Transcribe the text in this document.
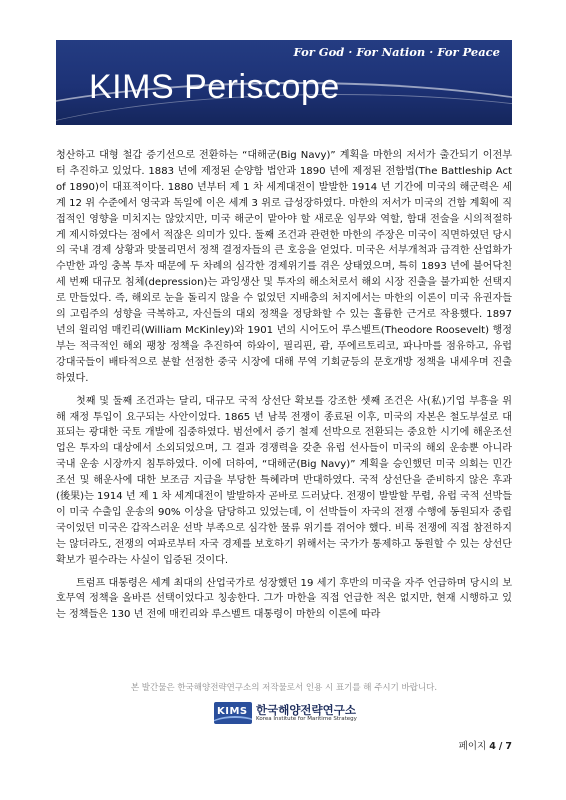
For God · For Nation · For Peace
KIMS Periscope

청산하고 대형 철갑 증기선으로 전환하는 “대해군(Big Navy)” 계획을 마한의 저서가 출간되기 이전부터 추진하고 있었다. 1883 년에 제정된 순양함 법안과 1890 년에 제정된 전함법(The Battleship Act of 1890)이 대표적이다. 1880 년부터 제 1 차 세계대전이 발발한 1914 년 기간에 미국의 해군력은 세계 12 위 수준에서 영국과 독일에 이은 세계 3 위로 급성장하였다. 마한의 저서가 미국의 건함 계획에 직접적인 영향을 미치지는 않았지만, 미국 해군이 맡아야 할 새로운 임무와 역할, 함대 전술을 시의적절하게 제시하였다는 점에서 적잖은 의미가 있다. 둘째 조건과 관련한 마한의 주장은 미국이 직면하였던 당시의 국내 경제 상황과 맞물리면서 정책 결정자들의 큰 호응을 얻었다. 미국은 서부개척과 급격한 산업화가 수반한 과잉 충복 투자 때문에 두 차례의 심각한 경제위기를 겪은 상태였으며, 특히 1893 년에 불어닥친 세 번째 대규모 침체(depression)는 과잉생산 및 투자의 해소처로서 해외 시장 진출을 불가피한 선택지로 만들었다. 즉, 해외로 눈을 돌리지 않을 수 없었던 지배층의 처지에서는 마한의 이론이 미국 유권자들의 고립주의 성향을 극복하고, 자신들의 대외 정책을 정당화할 수 있는 훌륭한 근거로 작용했다. 1897 년의 윌리엄 매킨리(William McKinley)와 1901 년의 시어도어 루스벨트(Theodore Roosevelt) 행정부는 적극적인 해외 팽창 정책을 추진하여 하와이, 필리핀, 괌, 푸에르토리코, 파나마를 점유하고, 유럽 강대국들이 배타적으로 분할 선점한 중국 시장에 대해 무역 기회균등의 문호개방 정책을 내세우며 진출하였다.

첫째 및 둘째 조건과는 달리, 대규모 국적 상선단 확보를 강조한 셋째 조건은 사(私)기업 부흥을 위해 재정 투입이 요구되는 사안이었다. 1865 년 남북 전쟁이 종료된 이후, 미국의 자본은 철도부설로 대표되는 광대한 국토 개발에 집중하였다. 범선에서 증기 철제 선박으로 전환되는 중요한 시기에 해운조선업은 투자의 대상에서 소외되었으며, 그 결과 경쟁력을 갖춘 유럽 선사들이 미국의 해외 운송뿐 아니라 국내 운송 시장까지 침투하였다. 이에 더하여, “대해군(Big Navy)” 계획을 승인했던 미국 의회는 민간 조선 및 해운사에 대한 보조금 지급을 부당한 특혜라며 반대하였다. 국적 상선단을 준비하지 않은 후과(後果)는 1914 년 제 1 차 세계대전이 발발하자 곧바로 드러났다. 전쟁이 발발할 무렵, 유럽 국적 선박들이 미국 수출입 운송의 90% 이상을 담당하고 있었는데, 이 선박들이 자국의 전쟁 수행에 동원되자 중립국이었던 미국은 갑작스러운 선박 부족으로 심각한 물류 위기를 겪어야 했다. 비록 전쟁에 직접 참전하지는 않더라도, 전쟁의 여파로부터 자국 경제를 보호하기 위해서는 국가가 통제하고 동원할 수 있는 상선단 확보가 필수라는 사실이 입증된 것이다.

트럼프 대통령은 세계 최대의 산업국가로 성장했던 19 세기 후반의 미국을 자주 언급하며 당시의 보호무역 정책을 올바른 선택이었다고 칭송한다. 그가 마한을 직접 언급한 적은 없지만, 현재 시행하고 있는 정책들은 130 년 전에 매킨리와 루스벨트 대통령이 마한의 이론에 따라

본 발간물은 한국해양전략연구소의 저작물로서 인용 시 표기를 해 주시기 바랍니다.
KIMS 한국해양전략연구소
Korea Institute for Maritime Strategy
페이지 4 / 7
